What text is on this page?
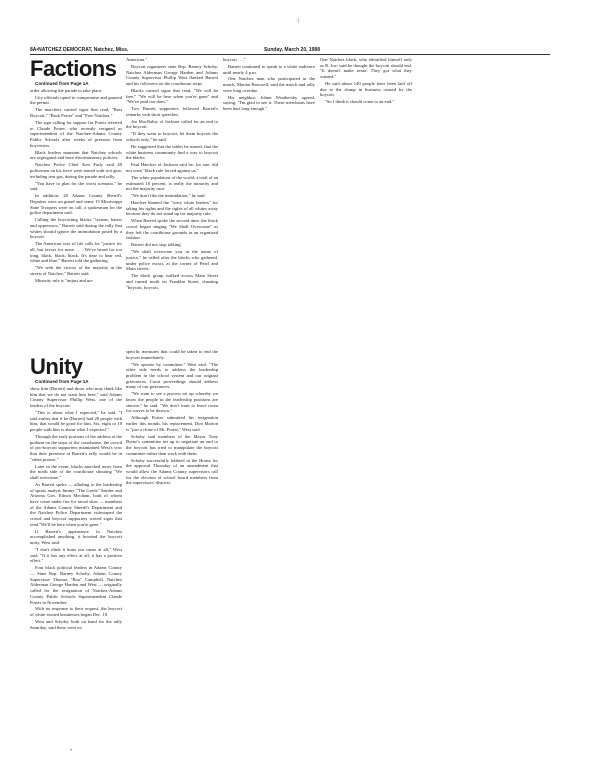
·|
8A•NATCHEZ DEMOCRAT, Natchez, Miss.	Sunday, March 20, 1988
Factions

Continued from Page 1A

order allowing the parade to take place.

City officials opted to compromise and granted the permit.

The marchers carried signs that read, "Bust Boycott," "Back Porter" and "Free Natchez."

The sign calling for support for Porter referred to Claude Porter, who recently resigned as superintendent of the Natchez-Adams County Public Schools after weeks of pressure from boycotters.

Black leaders maintain that Natchez schools are segregated and have discriminatory policies.

Natchez Police Chief Ken Farly said 40 policemen on his force were armed with riot gear, including tear gas, during the parade and rally.

"You have to plan for the worst scenario," he said.

In addition, 20 Adams County Sheriff's Deputies were on guard and some 15 Mississippi State Troopers were on call, a spokesman for the police department said.

Calling the boycotting blacks "tyrants, haters and oppressors," Barrett said during the rally that whites should ignore the intimidation posed by a boycott.

The American way of life calls for "justice for all, but favors for none. . . . We've heard for too long, black, black, black. It's time to hear red, white and blue," Barrett told the gathering.

"We seek the victory of the majority in the streets of Natchez," Barrett said.

Minority rule is "unjust and un-

American."

Boycott organizers state Rep. Barney Schoby, Natchez Alderman George Harden and Adams County Supervisor Phillip West flanked Barrett and his followers on the courthouse steps.

Blacks carried signs that read, "We will be free," "We will be here when you're gone" and "We've paid our dues."

Two Barrett supporters followed Barrett's remarks with short speeches.

Joe MacNabty of Jackson called for an end to the boycott.

"If they want to boycott, let them boycott the schools only," he said.

He suggested that the tables be turned, that the white business community find a way to boycott the blacks.

Paul Haecker of Jackson said he, for one, did not want "black rule forced against us."

The white population of the world, a total of an estimated 10 percent, is really the minority and not the majority race.

"We don't like the intimidation," he said.

Haecker blamed the "sorry white leaders" for taking his rights and the rights of all whites away because they do not stand up for majority rule.

When Barrett spoke the second time, the black crowd began singing "We Shall Overcome" as they left the courthouse grounds in an organized fashion.

Barrett did not stop talking.

"We shall overcome you in the name of justice," he called after the blacks who gathered, under police escort, at the corner of Pearl and Main streets.

The black group walked across Main Street and turned north on Franklin Street, chanting "boycott, boycott,

boycott . . ."

Barrett continued to speak to a white audience until nearly 4 p.m.

One Natchez man who participated in the march, Marion Braswell, said the march and rally were long overdue.

His neighbor, Johnn Weathersby agreed, saying, "I'm glad to see it. These merchants have been hurt long enough."

One Natchez black, who identified himself only as R. Joe, said he thought the boycott should end. "It doesn't make sense. They got what they wanted."

He said about 140 people have been laid off due to the slump in business caused by the boycott.

"So I think it should come to an end."

Unity

Continued from Page 1A

show him (Barrett) and those who may think like him that we do not want him here," said Adams County Supervisor Phillip West, one of the leaders of the boycott.

"This is about what I expected," he said. "I said earlier that if he (Barrett) had 20 people with him, that would be good for him. Six, eight or 10 people with him is about what I expected."

Through the early portions of the address at the podium on the steps of the courthouse, the crowd of pro-boycott supporters maintained West's vow that their presence at Barrett's rally would be in "silent protest."

Later in the event, blacks marched away from the north side of the courthouse shouting "We shall overcome."

As Barrett spoke — alluding to the leadership of sports analyst Jimmy "The Greek" Snyder and Arizona Gov. Edwin Mecham, both of whom have come under fire for racial slurs — members of the Adams County Sheriff's Department and the Natchez Police Department videotaped the crowd and boycott supporters waved signs that read "We'll be here when you're gone."

If Barrett's appearance in Natchez accomplished anything, it boosted the boycott unity, West said.

"I don't think it hurts our cause at all," West said. "If it has any effect at all, it has a positive effect."

Four black political leaders in Adams County — State Rep. Barney Schoby, Adams County Supervisor Thomas "Boo" Campbell, Natchez Alderman George Harden and West — originally called for the resignation of Natchez-Adams County Public Schools Superintendent Claude Porter in November.

With no response to their request, the boycott of white-owned businesses began Dec. 10.

West and Schoby, both on hand for the rally Saturday, said there were no

specific measures that could be taken to end the boycott immediately.

"We operate by committee," West said. "The other side needs to address the leadership problem in the school system and our original grievances. Court proceedings should address many of our grievances.

"We want to see a process set up whereby we know the people in the leadership positions are sincere," he said. "We don't want to leave room for curves to be thrown."

Although Porter submitted his resignation earlier this month, his replacement, Don Marion is "just a clone of Mr. Porter," West said.

Schoby said members of the Mayor Tony Byrne's committee set up to negotiate an end to the boycott has tried to manipulate the boycott committee rather than work with them.

Schoby successfully lobbied in the House for the approval Thursday of an amendment that would allow the Adams County supervisors call for the election of school board members from the supervisors' districts.

•
